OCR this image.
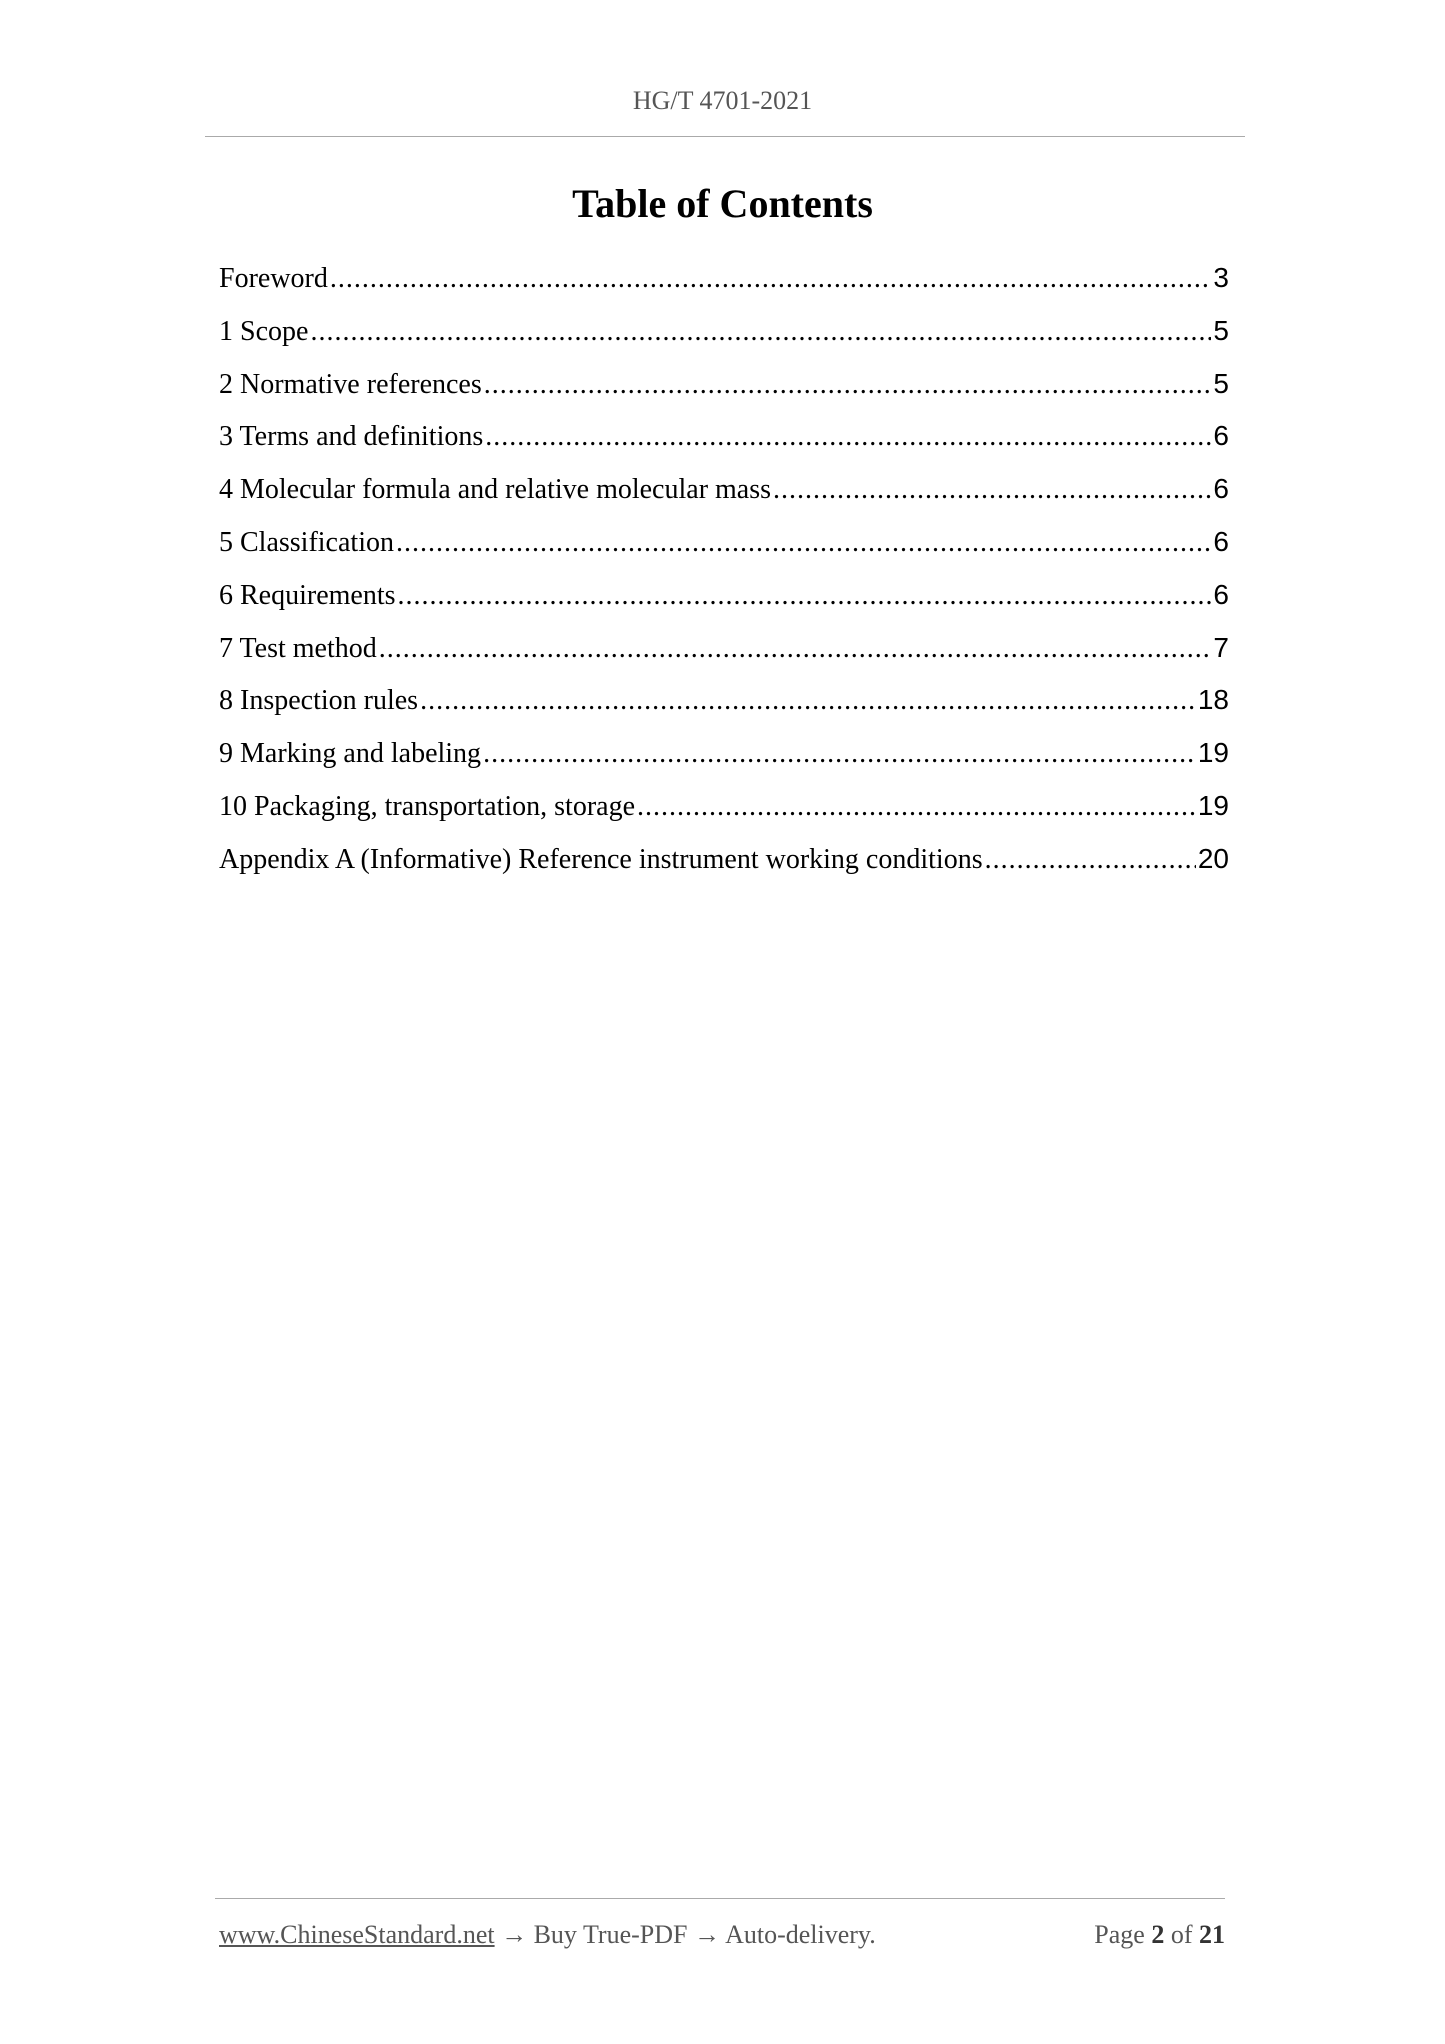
HG/T 4701-2021
Table of Contents
Foreword .....	3
1 Scope .....	5
2 Normative references .....	5
3 Terms and definitions .....	6
4 Molecular formula and relative molecular mass .....	6
5 Classification .....	6
6 Requirements .....	6
7 Test method .....	7
8 Inspection rules .....	18
9 Marking and labeling .....	19
10 Packaging, transportation, storage .....	19
Appendix A (Informative) Reference instrument working conditions .....	20
www.ChineseStandard.net → Buy True-PDF → Auto-delivery.	Page 2 of 21
